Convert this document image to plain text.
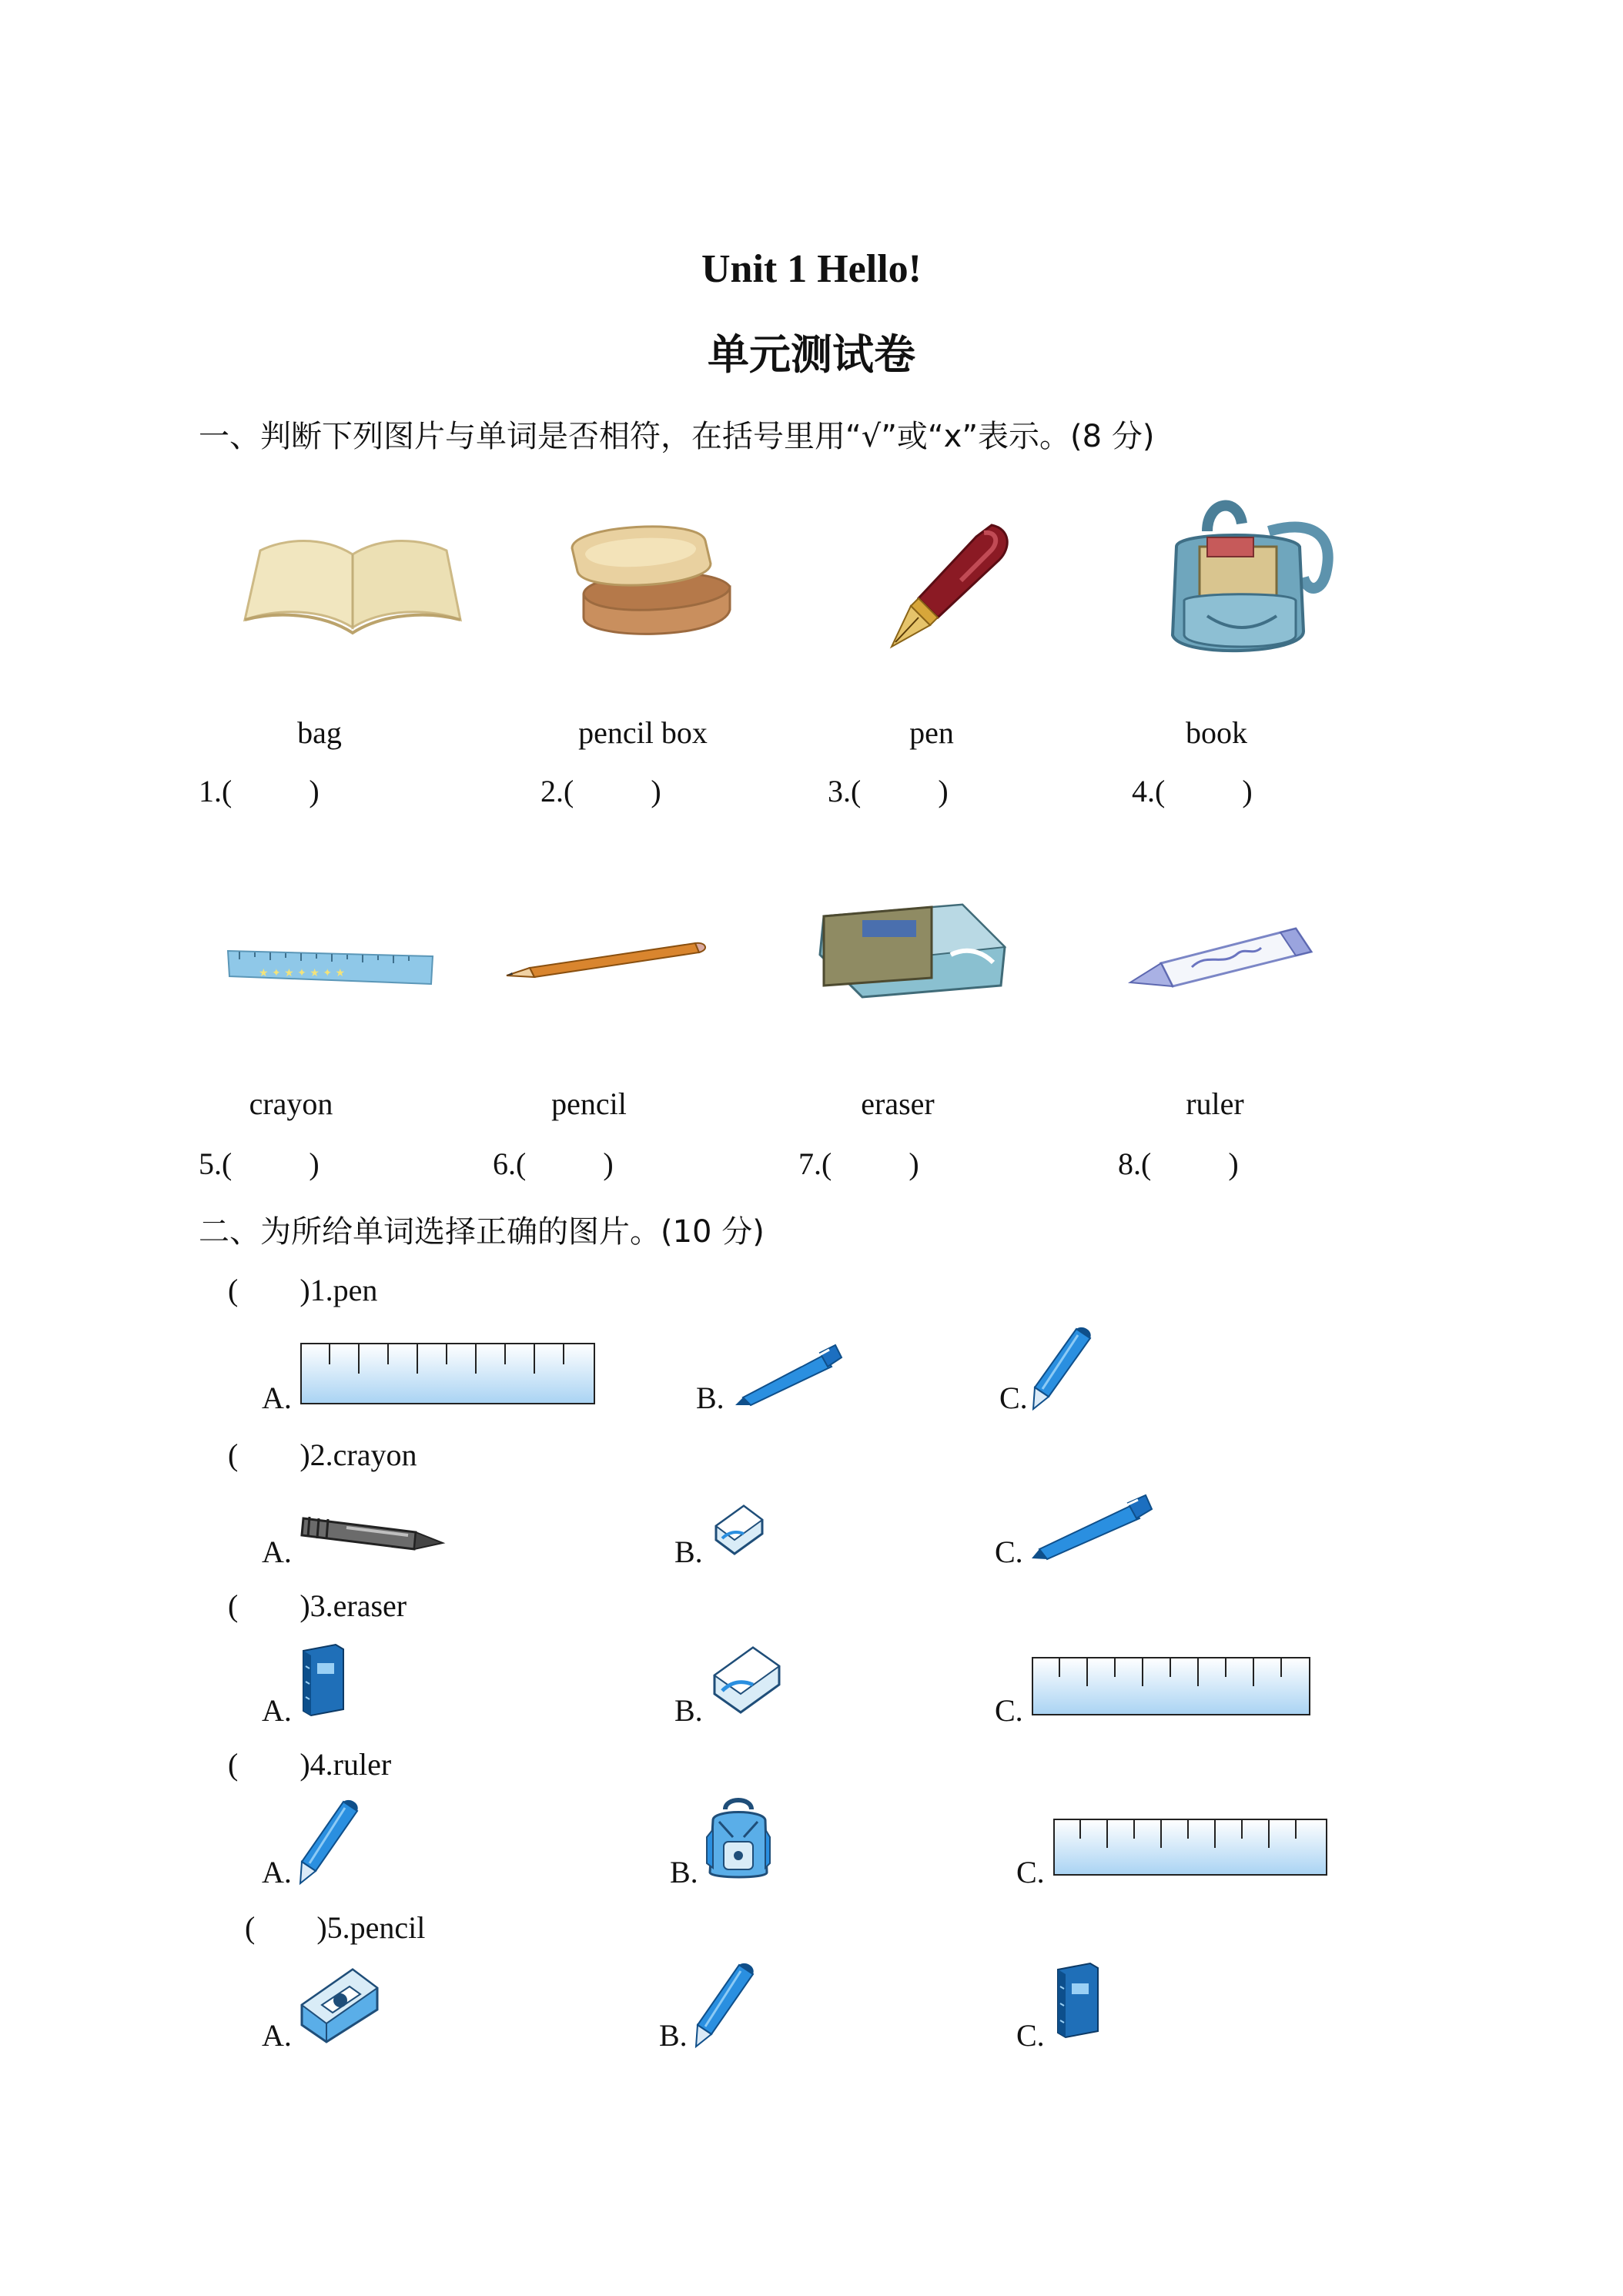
Unit 1 Hello!
单元测试卷
一、判断下列图片与单词是否相符，在括号里用“√”或“x”表示。(8 分)
bag	pencil box	pen	book
1.(          )	2.(          )	3.(          )	4.(          )
★ ✦ ★ ✦ ★ ✦ ★
crayon	pencil	eraser	ruler
5.(          )	6.(          )	7.(          )	8.(          )
二、为所给单词选择正确的图片。(10 分)
(        )1.pen
A.	B.	C.
(        )2.crayon
A.	B.	C.
(        )3.eraser
A.	B.	C.
(        )4.ruler
A.	B.	C.
(        )5.pencil
A.	B.	C.
